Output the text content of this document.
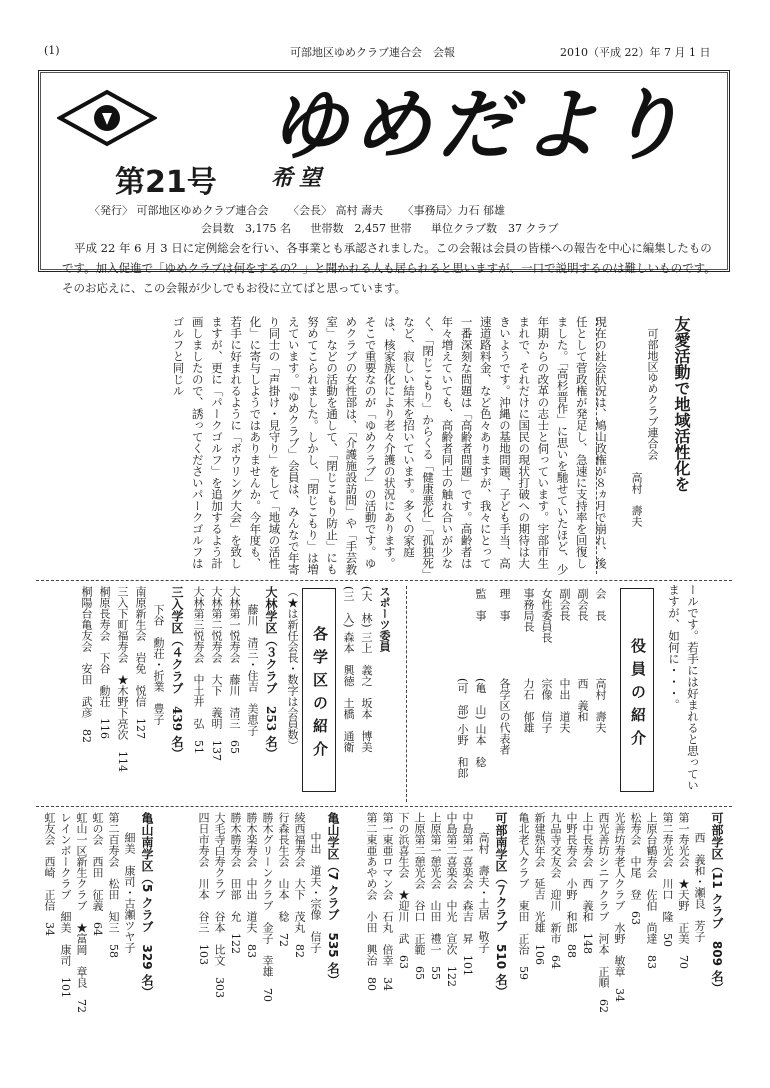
(1)	可部地区ゆめクラブ連合会　会報	2010（平成 22）年 7 月 1 日
ゆめだより
第21号 希望
〈発行〉 可部地区ゆめクラブ連合会 〈会長〉 高村 壽夫 〈事務局〉力石 郁雄
会員数　3,175 名 世帯数　2,457 世帯 単位クラブ数　37 クラブ

平成 22 年 6 月 3 日に定例総会を行い、各事業とも承認されました。この会報は会員の皆様への報告を中心に編集したものです。加入促進で「ゆめクラブは何をするの？」と聞かれる人も居られると思いますが、一口で説明するのは難しいものです。そのお応えに、この会報が少しでもお役に立てばと思っています。

友愛活動で地域活性化を
可部地区ゆめクラブ連合会
高村　壽夫
現在の社会状況は、鳩山政権が８ヵ月で崩れ、後任として菅政権が発足し、急速に支持率を回復しました。「高杉晋作」に思いを馳せていたほど、少年期からの改革の志士と伺っています。宇部市生まれで、それだけに国民の現状打破への期待は大きいようです。沖縄の基地問題、子ども手当、高速道路料金、など色々ありますが、我々にとって一番深刻な問題は「高齢者問題」です。高齢者は年々増えていても、高齢者同士の触れ合いが少なく、「閉じこもり」からくる「健康悪化」「孤独死」など、寂しい結末を招いています。多くの家庭は、核家族化により老々介護の状況にあります。そこで重要なのが「ゆめクラブ」の活動です。ゆめクラブの女性部は、「介護施設訪問」や「手芸教室」などの活動を通して、「閉じこもり防止」にも努めてこられました。しかし、「閉じこもり」は増えています。「ゆめクラブ」会員は、みんなで年寄り同士の「声掛け・見守り」をして「地域の活性化」に寄与しようではありませんか。今年度も、若手に好まれるように「ボウリング大会」を致しますが、更に「パークゴルフ」を追加するよう計画しましたので、誘ってくださいパークゴルフはゴルフと同じル
ールです。若手には好まれると思っていますが、如何に・・・。
役員の紹介
会　長高村　壽夫
副会長西　義和
副会長中出　道夫
女性委員長宗像　信子
事務局長力石　郁雄
理　事各学区の代表者
監　事(亀　山) 山本　稔
(可　部) 小野　和郎
スポーツ委員
(大　林) 三上　義之　坂本　博美
(三　入) 森本　興徳　土橋　通衛
各学区の紹介
（★は新任会長・数字は会員数）
大林学区（３クラブ　253 名）
藤川　清三・住吉　美恵子
大林第一悦寿会　藤川　清三　65
大林第二悦寿会　大下　義明　137
大林第三悦寿会　中土井　弘　51
三入学区（４クラブ　439 名）
下谷　勳荘・折業　豊子
南原新生会　岩免　悦信　127
三入下町福寿会　★木野下亮次　114
桐原長寿会　下谷　勳荘　116
桐陽台亀友会　安田　武彦　82
可部学区（11 クラブ　809 名）
西　義和・瀬良　芳子
第一寿光会　★天野　正美　70
第二寿光会　川口　隆　50
上原台鶴寿会　佐伯　尚達　83
松寿会　中尾　登　63
光善坊寿老人クラブ　水野　敏章　34
西光善坊シニアクラブ　河本　正順　62
上中長寿会　西　義和　148
中野長寿会　小野　和郎　88
九品寺交友会　迎川　新市　64
新建熟年会　延吉　光雄　106
亀北老人クラブ　東田　正治　59
可部南学区（７クラブ　510 名）
高村　壽夫・土居　敬子
中島第一喜楽会　森吉　昇　101
中島第二喜楽会　中光　宣次　122
上原第一憩光会　山田　禮一　55
上原第二憩光会　谷口　正範　65
下の浜喜生会　★迎川　武　63
第一東亜ロマン会　石丸　倍幸　34
第二東亜あやめ会　小田　興治　80
亀山学区（7 クラブ　535 名）
中出　道夫・宗像　信子
綾西福寿会　大下　茂丸　82
行森長生会　山本　稔　72
勝木グリーンクラブ　金子　幸雄　70
勝木楽寿会　中出　道夫　83
勝木勝寿会　田部　允　122
大毛寺白寿クラブ　谷本　比文　303
四日市寿会　川本　谷三　103
亀山南学区（5 クラブ　329 名）
細美　康司・古瀬ツヤ子
第二百寿会　松田　知三　58
虹の会　西田　征義　64
虹山一区新生クラブ　★富岡　章良　72
レインボークラブ　細美　康司　101
虹友会　西崎　正信　34
